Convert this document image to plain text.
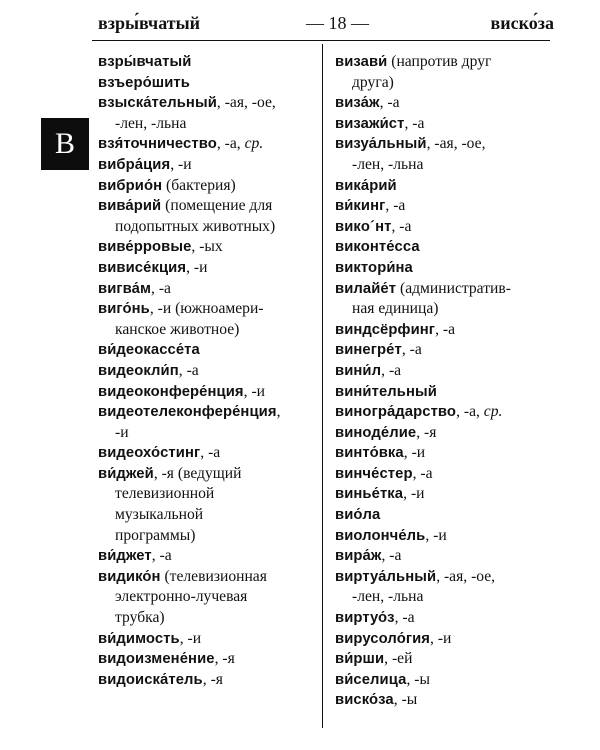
взры́вчатый	— 18 —	виско́за
В
взры́вчатый
взъеро́шить
взыска́тельный, -ая, -ое,
-лен, -льна
взя́точничество, -а, ср.
вибра́ция, -и
вибрио́н (бактерия)
вива́рий (помещение для
подопытных животных)
виве́рровые, -ых
вивисе́кция, -и
вигва́м, -а
виго́нь, -и (южноамери-
канское животное)
ви́деокассе́та
видеокли́п, -а
видеоконфере́нция, -и
видеотелеконфере́нция,
-и
видеохо́стинг, -а
ви́джей, -я (ведущий
телевизионной
музыкальной
программы)
ви́джет, -а
видико́н (телевизионная
электронно-лучевая
трубка)
ви́димость, -и
видоизмене́ние, -я
видоиска́тель, -я
визави́ (напротив друг
друга)
виза́ж, -а
визажи́ст, -а
визуа́льный, -ая, -ое,
-лен, -льна
вика́рий
ви́кинг, -а
викo´нт, -а
виконте́сса
виктори́на
вилайе́т (административ-
ная единица)
виндсёрфинг, -а
винегре́т, -а
вини́л, -а
вини́тельный
виногра́дарство, -а, ср.
виноде́лие, -я
винто́вка, -и
винче́стер, -а
винье́тка, -и
вио́ла
виолонче́ль, -и
вира́ж, -а
виртуа́льный, -ая, -ое,
-лен, -льна
виртуо́з, -а
вирусоло́гия, -и
ви́рши, -ей
ви́селица, -ы
виско́за, -ы
